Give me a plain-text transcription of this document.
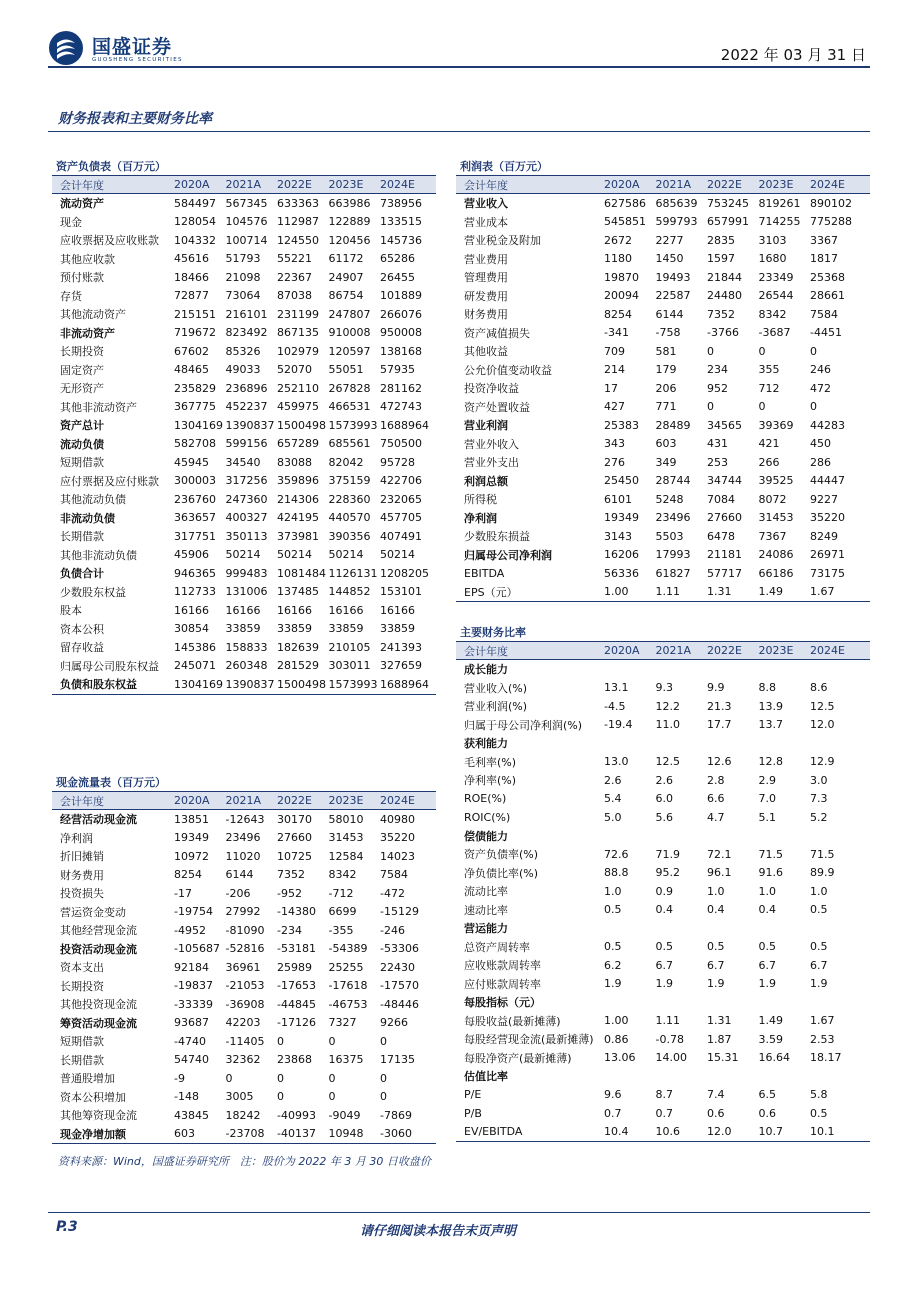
国盛证券
GUOSHENG SECURITIES	2022 年 03 月 31 日
财务报表和主要财务比率
资产负债表（百万元）
会计年度	2020A	2021A	2022E	2023E	2024E
流动资产	584497 567345 633363 663986 738956
现金	128054 104576 112987 122889 133515
应收票据及应收账款	104332 100714 124550 120456 145736
其他应收款	45616	51793	55221	61172	65286
预付账款	18466	21098	22367	24907	26455
存货	72877	73064	87038	86754	101889
其他流动资产	215151 216101 231199 247807 266076
非流动资产	719672 823492 867135 910008 950008
长期投资	67602	85326	102979 120597 138168
固定资产	48465	49033	52070	55051	57935
无形资产	235829 236896 252110 267828 281162
其他非流动资产	367775 452237 459975 466531 472743
资产总计	1304169 1390837 1500498 1573993 1688964
流动负债	582708 599156 657289 685561 750500
短期借款	45945	34540	83088	82042	95728
应付票据及应付账款	300003 317256 359896 375159 422706
其他流动负债	236760 247360 214306 228360 232065
非流动负债	363657 400327 424195 440570 457705
长期借款	317751 350113 373981 390356 407491
其他非流动负债	45906	50214	50214	50214	50214
负债合计	946365 999483 1081484 1126131 1208205
少数股东权益	112733 131006 137485 144852 153101
股本	16166	16166	16166	16166	16166
资本公积	30854	33859	33859	33859	33859
留存收益	145386 158833 182639 210105 241393
归属母公司股东权益	245071 260348 281529 303011 327659
负债和股东权益	1304169 1390837 1500498 1573993 1688964
现金流量表（百万元）
会计年度	2020A	2021A	2022E	2023E	2024E
经营活动现金流	13851	-12643	30170	58010	40980
净利润	19349	23496	27660	31453	35220
折旧摊销	10972	11020	10725	12584	14023
财务费用	8254	6144	7352	8342	7584
投资损失	-17	-206	-952	-712	-472
营运资金变动	-19754	27992	-14380	6699	-15129
其他经营现金流	-4952	-81090	-234	-355	-246
投资活动现金流	-105687 -52816	-53181	-54389	-53306
资本支出	92184	36961	25989	25255	22430
长期投资	-19837	-21053	-17653	-17618	-17570
其他投资现金流	-33339	-36908	-44845	-46753	-48446
筹资活动现金流	93687	42203	-17126	7327	9266
短期借款	-4740	-11405	0	0	0
长期借款	54740	32362	23868	16375	17135
普通股增加	-9	0	0	0	0
资本公积增加	-148	3005	0	0	0
其他筹资现金流	43845	18242	-40993	-9049	-7869
现金净增加额	603	-23708	-40137	10948	-3060
利润表（百万元）
会计年度	2020A	2021A	2022E	2023E	2024E
营业收入	627586 685639 753245 819261 890102
营业成本	545851 599793 657991 714255 775288
营业税金及附加	2672	2277	2835	3103	3367
营业费用	1180	1450	1597	1680	1817
管理费用	19870	19493	21844	23349	25368
研发费用	20094	22587	24480	26544	28661
财务费用	8254	6144	7352	8342	7584
资产减值损失	-341	-758	-3766	-3687	-4451
其他收益	709	581	0	0	0
公允价值变动收益	214	179	234	355	246
投资净收益	17	206	952	712	472
资产处置收益	427	771	0	0	0
营业利润	25383	28489	34565	39369	44283
营业外收入	343	603	431	421	450
营业外支出	276	349	253	266	286
利润总额	25450	28744	34744	39525	44447
所得税	6101	5248	7084	8072	9227
净利润	19349	23496	27660	31453	35220
少数股东损益	3143	5503	6478	7367	8249
归属母公司净利润	16206	17993	21181	24086	26971
EBITDA	56336	61827	57717	66186	73175
EPS（元）	1.00	1.11	1.31	1.49	1.67
主要财务比率
会计年度	2020A	2021A	2022E	2023E	2024E
成长能力
营业收入(%)	13.1	9.3	9.9	8.8	8.6
营业利润(%)	-4.5	12.2	21.3	13.9	12.5
归属于母公司净利润(%)	-19.4	11.0	17.7	13.7	12.0
获利能力
毛利率(%)	13.0	12.5	12.6	12.8	12.9
净利率(%)	2.6	2.6	2.8	2.9	3.0
ROE(%)	5.4	6.0	6.6	7.0	7.3
ROIC(%)	5.0	5.6	4.7	5.1	5.2
偿债能力
资产负债率(%)	72.6	71.9	72.1	71.5	71.5
净负债比率(%)	88.8	95.2	96.1	91.6	89.9
流动比率	1.0	0.9	1.0	1.0	1.0
速动比率	0.5	0.4	0.4	0.4	0.5
营运能力
总资产周转率	0.5	0.5	0.5	0.5	0.5
应收账款周转率	6.2	6.7	6.7	6.7	6.7
应付账款周转率	1.9	1.9	1.9	1.9	1.9
每股指标（元）
每股收益(最新摊薄)	1.00	1.11	1.31	1.49	1.67
每股经营现金流(最新摊薄) 0.86	-0.78	1.87	3.59	2.53
每股净资产(最新摊薄)	13.06	14.00	15.31	16.64	18.17
估值比率
P/E	9.6	8.7	7.4	6.5	5.8
P/B	0.7	0.7	0.6	0.6	0.5
EV/EBITDA	10.4	10.6	12.0	10.7	10.1
资料来源：Wind，国盛证券研究所　注：股价为 2022 年 3 月 30 日收盘价
P.3	请仔细阅读本报告末页声明
